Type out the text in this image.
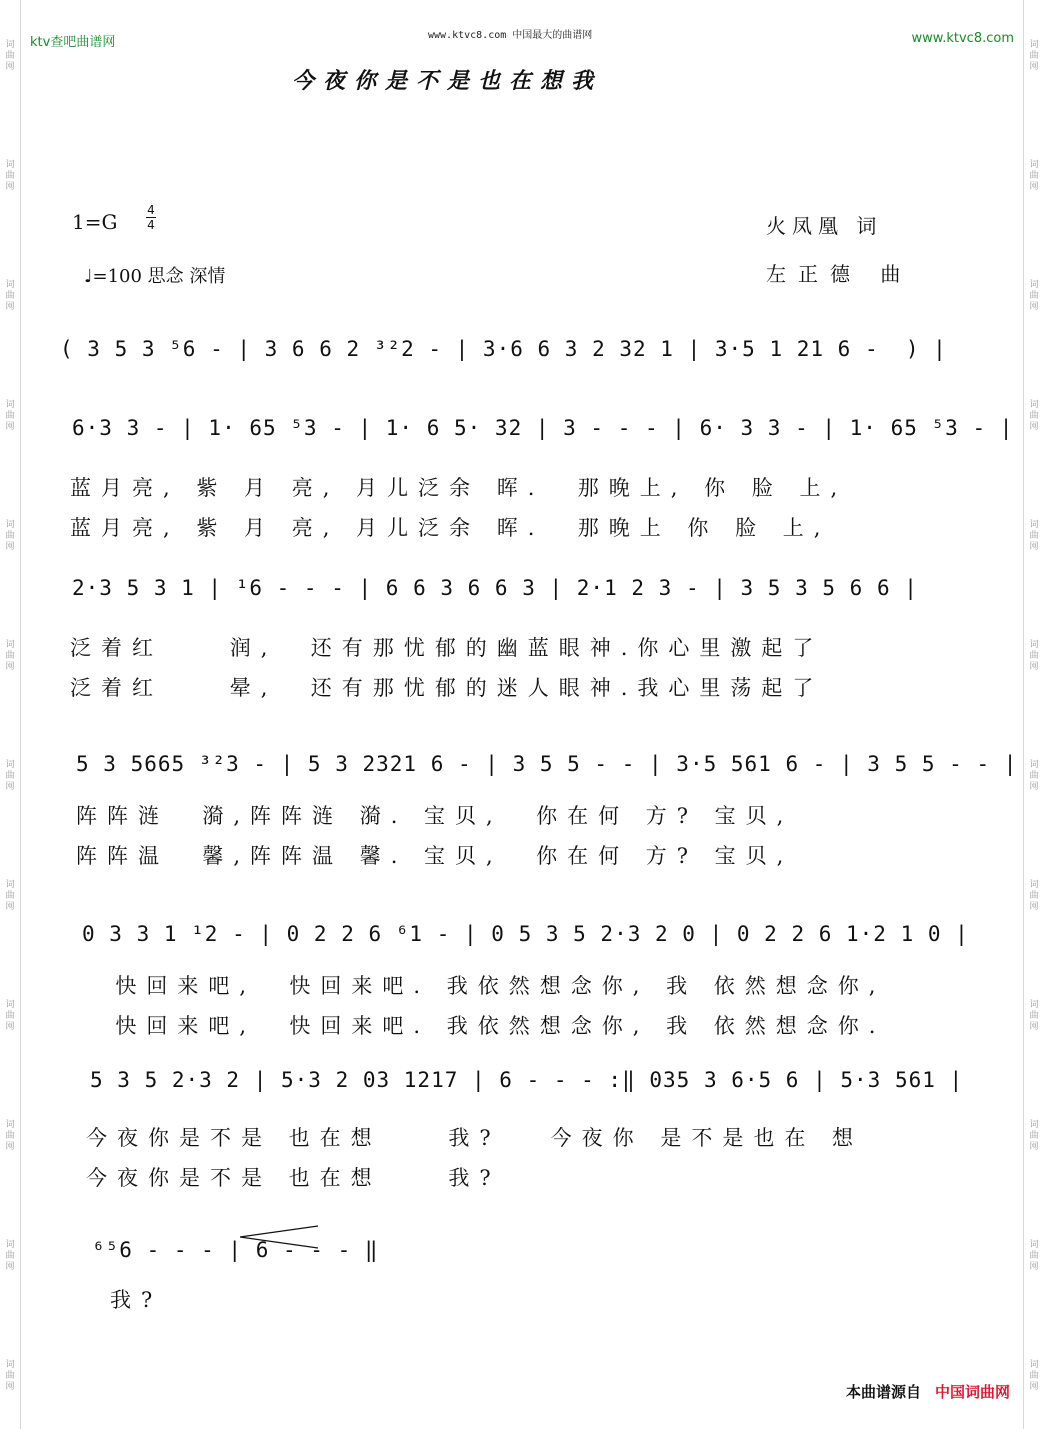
词曲网
词曲网
词曲网
词曲网
词曲网
词曲网
词曲网
词曲网
词曲网
词曲网
词曲网
词曲网
词曲网
词曲网
词曲网
词曲网
词曲网
词曲网
词曲网
词曲网
词曲网
词曲网
词曲网
词曲网
ktv查吧曲谱网	www.ktvc8.com 中国最大的曲谱网	www.ktvc8.com
今夜你是不是也在想我
1=G 4
4
♩=100 思念 深情
火凤凰 词
左正德 曲
( 3 5 3 ⁵6 - | 3 6 6 2 ³²2 - | 3·6 6 3 2 32 1 | 3·5 1 21 6 -  ) |
6·3 3 - | 1· 65 ⁵3 - | 1· 6 5· 32 | 3 - - - | 6· 3 3 - | 1· 65 ⁵3 - |
蓝月亮, 紫 月 亮, 月儿泛余 晖.  那晚上, 你 脸 上,
蓝月亮, 紫 月 亮, 月儿泛余 晖.  那晚上 你 脸 上,
2·3 5 3 1 | ¹6 - - - | 6 6 3 6 6 3 | 2·1 2 3 - | 3 5 3 5 6 6 |
泛着红    润,  还有那忧郁的幽蓝眼神.你心里激起了
泛着红    晕,  还有那忧郁的迷人眼神.我心里荡起了
5 3 5665 ³²3 - | 5 3 2321 6 - | 3 5 5 - - | 3·5 561 6 - | 3 5 5 - - |
阵阵涟  漪,阵阵涟 漪. 宝贝,  你在何 方? 宝贝,
阵阵温  馨,阵阵温 馨. 宝贝,  你在何 方? 宝贝,
0 3 3 1 ¹2 - | 0 2 2 6 ⁶1 - | 0 5 3 5 2·3 2 0 | 0 2 2 6 1·2 1 0 |
快回来吧,  快回来吧. 我依然想念你, 我 依然想念你,
快回来吧,  快回来吧. 我依然想念你, 我 依然想念你.
5 3 5 2·3 2 | 5·3 2 03 1217 | 6 - - - :‖ 035 3 6·5 6 | 5·3 561 |
今夜你是不是 也在想    我?   今夜你 是不是也在 想
今夜你是不是 也在想    我?
⁶⁵6 - - - | 6 - - - ‖
我?
本曲谱源自 中国词曲网
